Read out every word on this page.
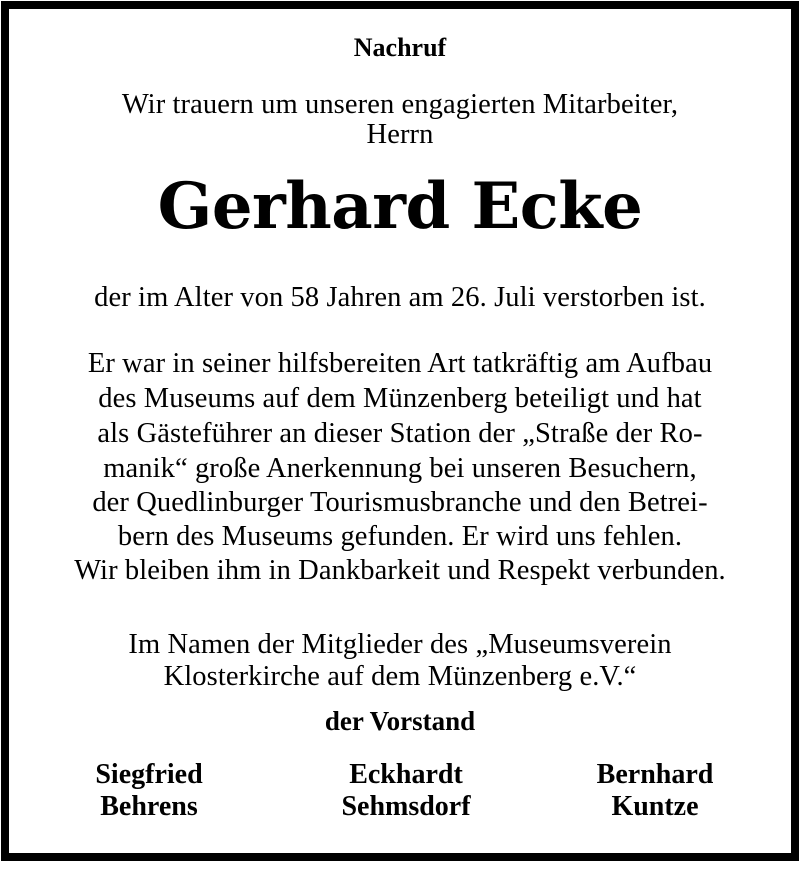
Nachruf
Wir trauern um unseren engagierten Mitarbeiter,
Herrn
Gerhard Ecke
der im Alter von 58 Jahren am 26. Juli verstorben ist.
Er war in seiner hilfsbereiten Art tatkräftig am Aufbau
des Museums auf dem Münzenberg beteiligt und hat
als Gästeführer an dieser Station der „Straße der Ro-
manik“ große Anerkennung bei unseren Besuchern,
der Quedlinburger Tourismusbranche und den Betrei-
bern des Museums gefunden. Er wird uns fehlen.
Wir bleiben ihm in Dankbarkeit und Respekt verbunden.
Im Namen der Mitglieder des „Museumsverein
Klosterkirche auf dem Münzenberg e.V.“
der Vorstand
Siegfried
Behrens
Eckhardt
Sehmsdorf
Bernhard
Kuntze
